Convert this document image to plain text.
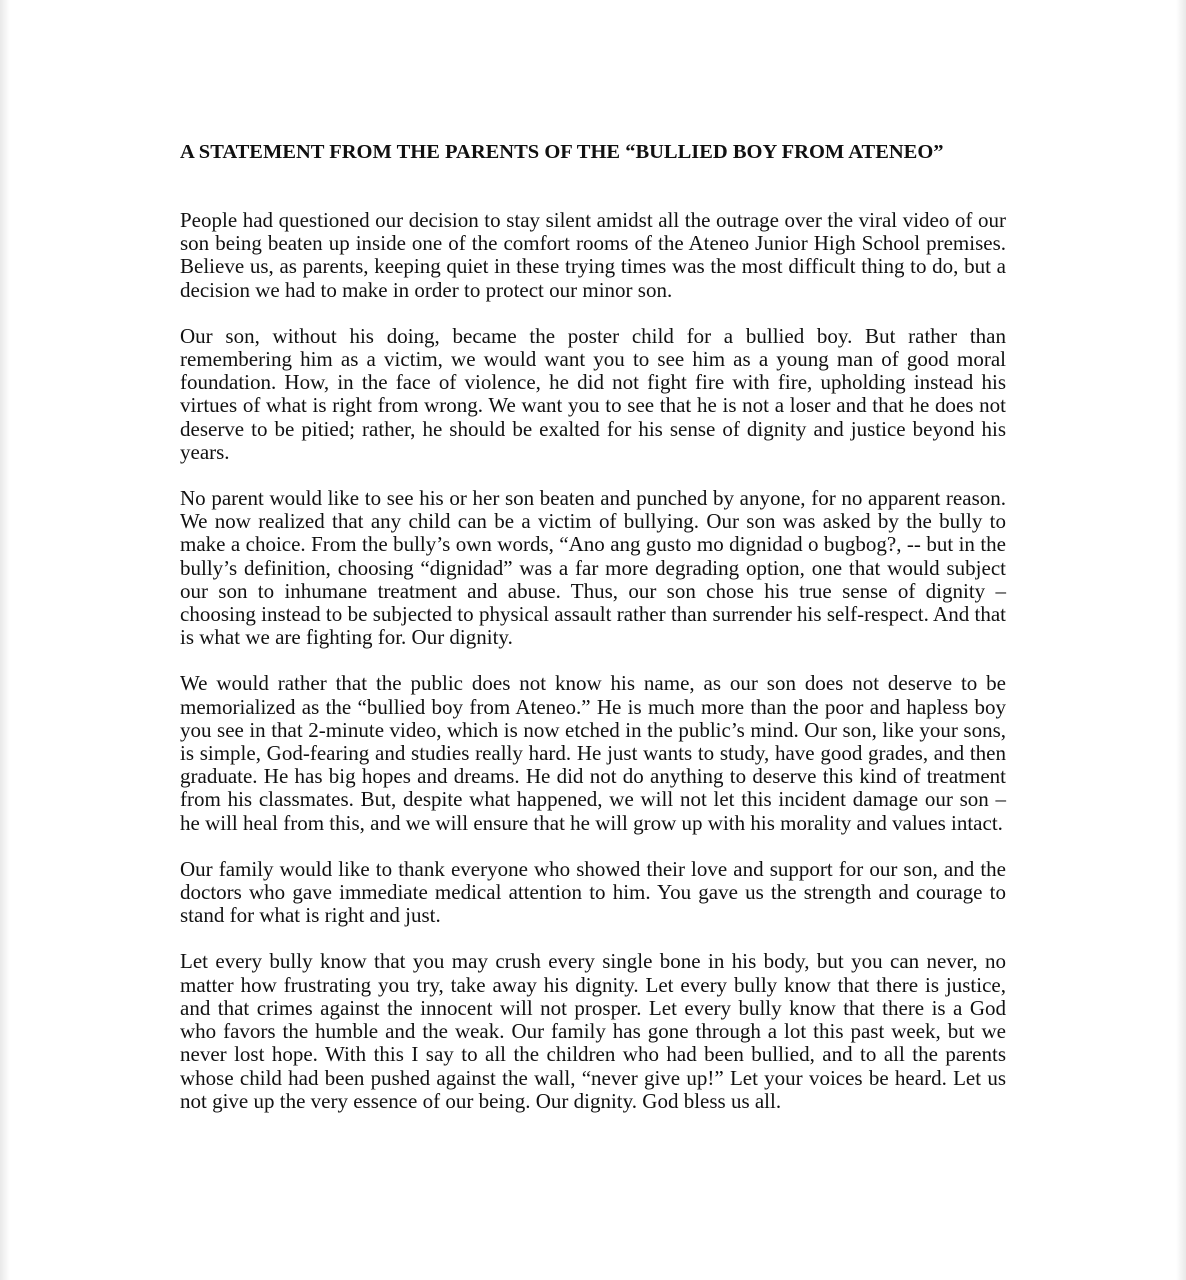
A STATEMENT FROM THE PARENTS OF THE “BULLIED BOY FROM ATENEO”

People had questioned our decision to stay silent amidst all the outrage over the viral video of our son being beaten up inside one of the comfort rooms of the Ateneo Junior High School premises. Believe us, as parents, keeping quiet in these trying times was the most difficult thing to do, but a decision we had to make in order to protect our minor son.

Our son, without his doing, became the poster child for a bullied boy. But rather than remembering him as a victim, we would want you to see him as a young man of good moral foundation. How, in the face of violence, he did not fight fire with fire, upholding instead his virtues of what is right from wrong. We want you to see that he is not a loser and that he does not deserve to be pitied; rather, he should be exalted for his sense of dignity and justice beyond his years.

No parent would like to see his or her son beaten and punched by anyone, for no apparent reason. We now realized that any child can be a victim of bullying. Our son was asked by the bully to make a choice. From the bully’s own words, “Ano ang gusto mo dignidad o bugbog?, -- but in the bully’s definition, choosing “dignidad” was a far more degrading option, one that would subject our son to inhumane treatment and abuse. Thus, our son chose his true sense of dignity – choosing instead to be subjected to physical assault rather than surrender his self-respect. And that is what we are fighting for. Our dignity.

We would rather that the public does not know his name, as our son does not deserve to be memorialized as the “bullied boy from Ateneo.” He is much more than the poor and hapless boy you see in that 2-minute video, which is now etched in the public’s mind. Our son, like your sons, is simple, God-fearing and studies really hard. He just wants to study, have good grades, and then graduate. He has big hopes and dreams. He did not do anything to deserve this kind of treatment from his classmates. But, despite what happened, we will not let this incident damage our son – he will heal from this, and we will ensure that he will grow up with his morality and values intact.

Our family would like to thank everyone who showed their love and support for our son, and the doctors who gave immediate medical attention to him. You gave us the strength and courage to stand for what is right and just.

Let every bully know that you may crush every single bone in his body, but you can never, no matter how frustrating you try, take away his dignity. Let every bully know that there is justice, and that crimes against the innocent will not prosper. Let every bully know that there is a God who favors the humble and the weak. Our family has gone through a lot this past week, but we never lost hope. With this I say to all the children who had been bullied, and to all the parents whose child had been pushed against the wall, “never give up!” Let your voices be heard. Let us not give up the very essence of our being. Our dignity. God bless us all.
